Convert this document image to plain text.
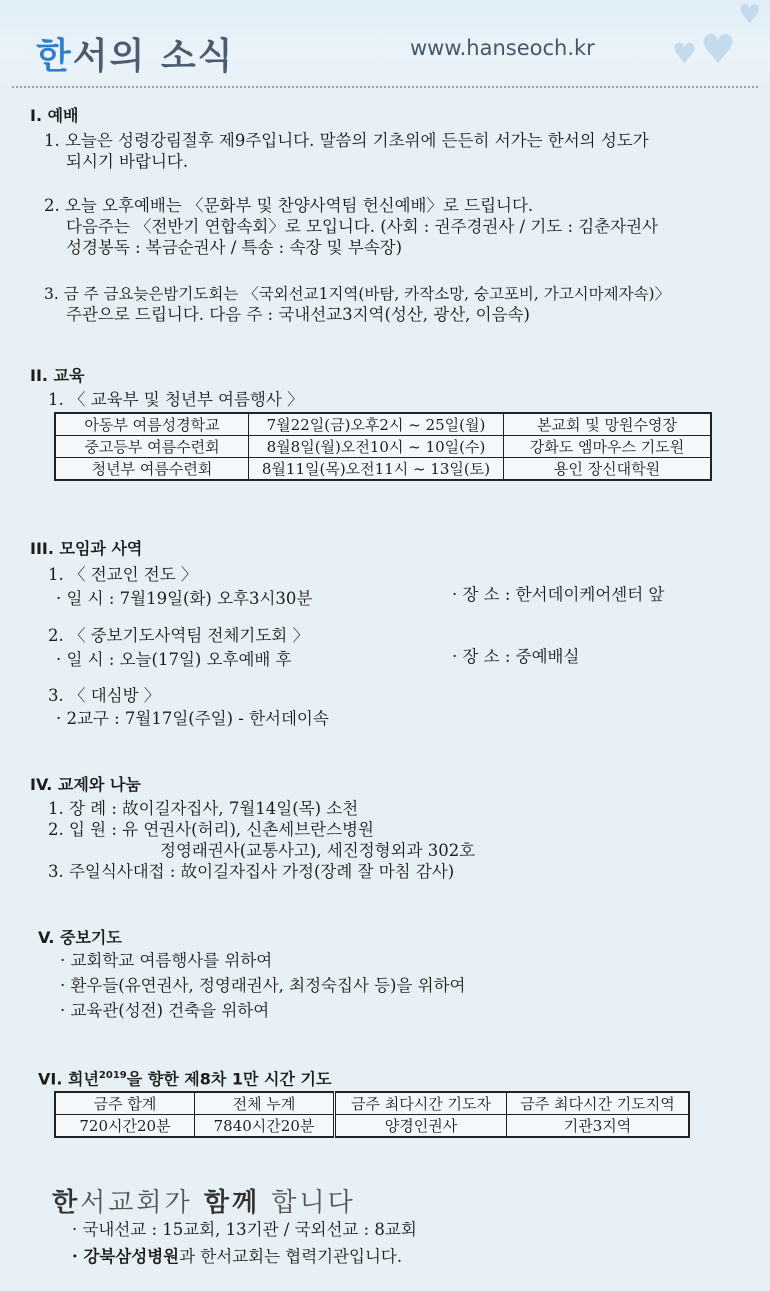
한서의 소식	www.hanseoch.kr	♥ ♥
♥
I. 예배
1. 오늘은 성령강림절후 제9주입니다. 말씀의 기초위에 든든히 서가는 한서의 성도가
되시기 바랍니다.
2. 오늘 오후예배는 〈문화부 및 찬양사역팀 헌신예배〉로 드립니다.
다음주는 〈전반기 연합속회〉로 모입니다. (사회 : 권주경권사 / 기도 : 김춘자권사
성경봉독 : 복금순권사 / 특송 : 속장 및 부속장)
3. 금 주 금요늦은밤기도회는 〈국외선교1지역(바탐, 카작소망, 숭고포비, 가고시마제자속)〉
주관으로 드립니다. 다음 주 : 국내선교3지역(성산, 광산, 이음속)
II. 교육
1. 〈 교육부 및 청년부 여름행사 〉
아동부 여름성경학교	7월22일(금)오후2시 ~ 25일(월)	본교회 및 망원수영장
중고등부 여름수련회	8월8일(월)오전10시 ~ 10일(수)	강화도 엠마우스 기도원
청년부 여름수련회	8월11일(목)오전11시 ~ 13일(토)	용인 장신대학원
III. 모임과 사역
1. 〈 전교인 전도 〉
· 일 시 : 7월19일(화) 오후3시30분	· 장 소 : 한서데이케어센터 앞
2. 〈 중보기도사역팀 전체기도회 〉
· 일 시 : 오늘(17일) 오후예배 후	· 장 소 : 중예배실
3. 〈 대심방 〉
· 2교구 : 7월17일(주일) - 한서데이속
IV. 교제와 나눔
1. 장 례 : 故이길자집사, 7월14일(목) 소천
2. 입 원 : 유 연권사(허리), 신촌세브란스병원
정영래권사(교통사고), 세진정형외과 302호
3. 주일식사대접 : 故이길자집사 가정(장례 잘 마침 감사)
V. 중보기도
· 교회학교 여름행사를 위하여
· 환우들(유연권사, 정영래권사, 최정숙집사 등)을 위하여
· 교육관(성전) 건축을 위하여
VI. 희년$^{2019}$을 향한 제8차 1만 시간 기도
금주 합계	전체 누계	금주 최다시간 기도자	금주 최다시간 기도지역
720시간20분	7840시간20분	양경인권사	기관3지역
한서교회가 함께 합니다
· 국내선교 : 15교회, 13기관 / 국외선교 : 8교회
· 강북삼성병원과 한서교회는 협력기관입니다.
